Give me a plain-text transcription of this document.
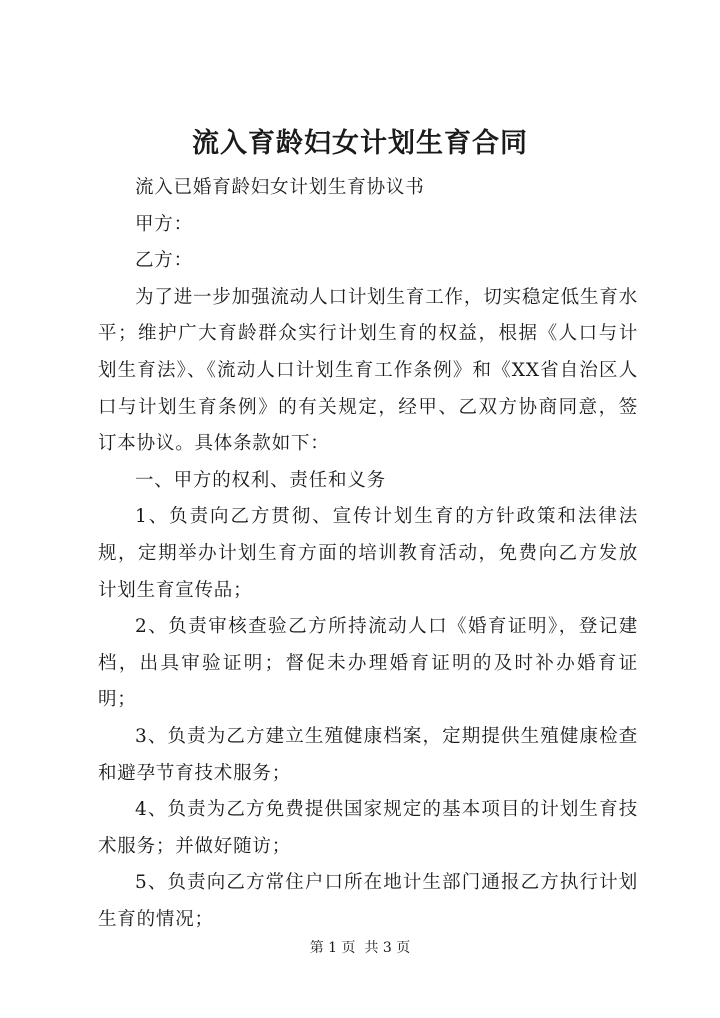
流入育龄妇女计划生育合同

流入已婚育龄妇女计划生育协议书

甲方：

乙方：

为了进一步加强流动人口计划生育工作，切实稳定低生育水平；维护广大育龄群众实行计划生育的权益，根据《人口与计划生育法》、《流动人口计划生育工作条例》和《XX省自治区人口与计划生育条例》的有关规定，经甲、乙双方协商同意，签订本协议。具体条款如下：

一、甲方的权利、责任和义务

1、负责向乙方贯彻、宣传计划生育的方针政策和法律法规，定期举办计划生育方面的培训教育活动，免费向乙方发放计划生育宣传品；

2、负责审核查验乙方所持流动人口《婚育证明》，登记建档，出具审验证明；督促未办理婚育证明的及时补办婚育证明；

3、负责为乙方建立生殖健康档案，定期提供生殖健康检查和避孕节育技术服务；

4、负责为乙方免费提供国家规定的基本项目的计划生育技术服务；并做好随访；

5、负责向乙方常住户口所在地计生部门通报乙方执行计划生育的情况；

第 1 页  共 3 页
